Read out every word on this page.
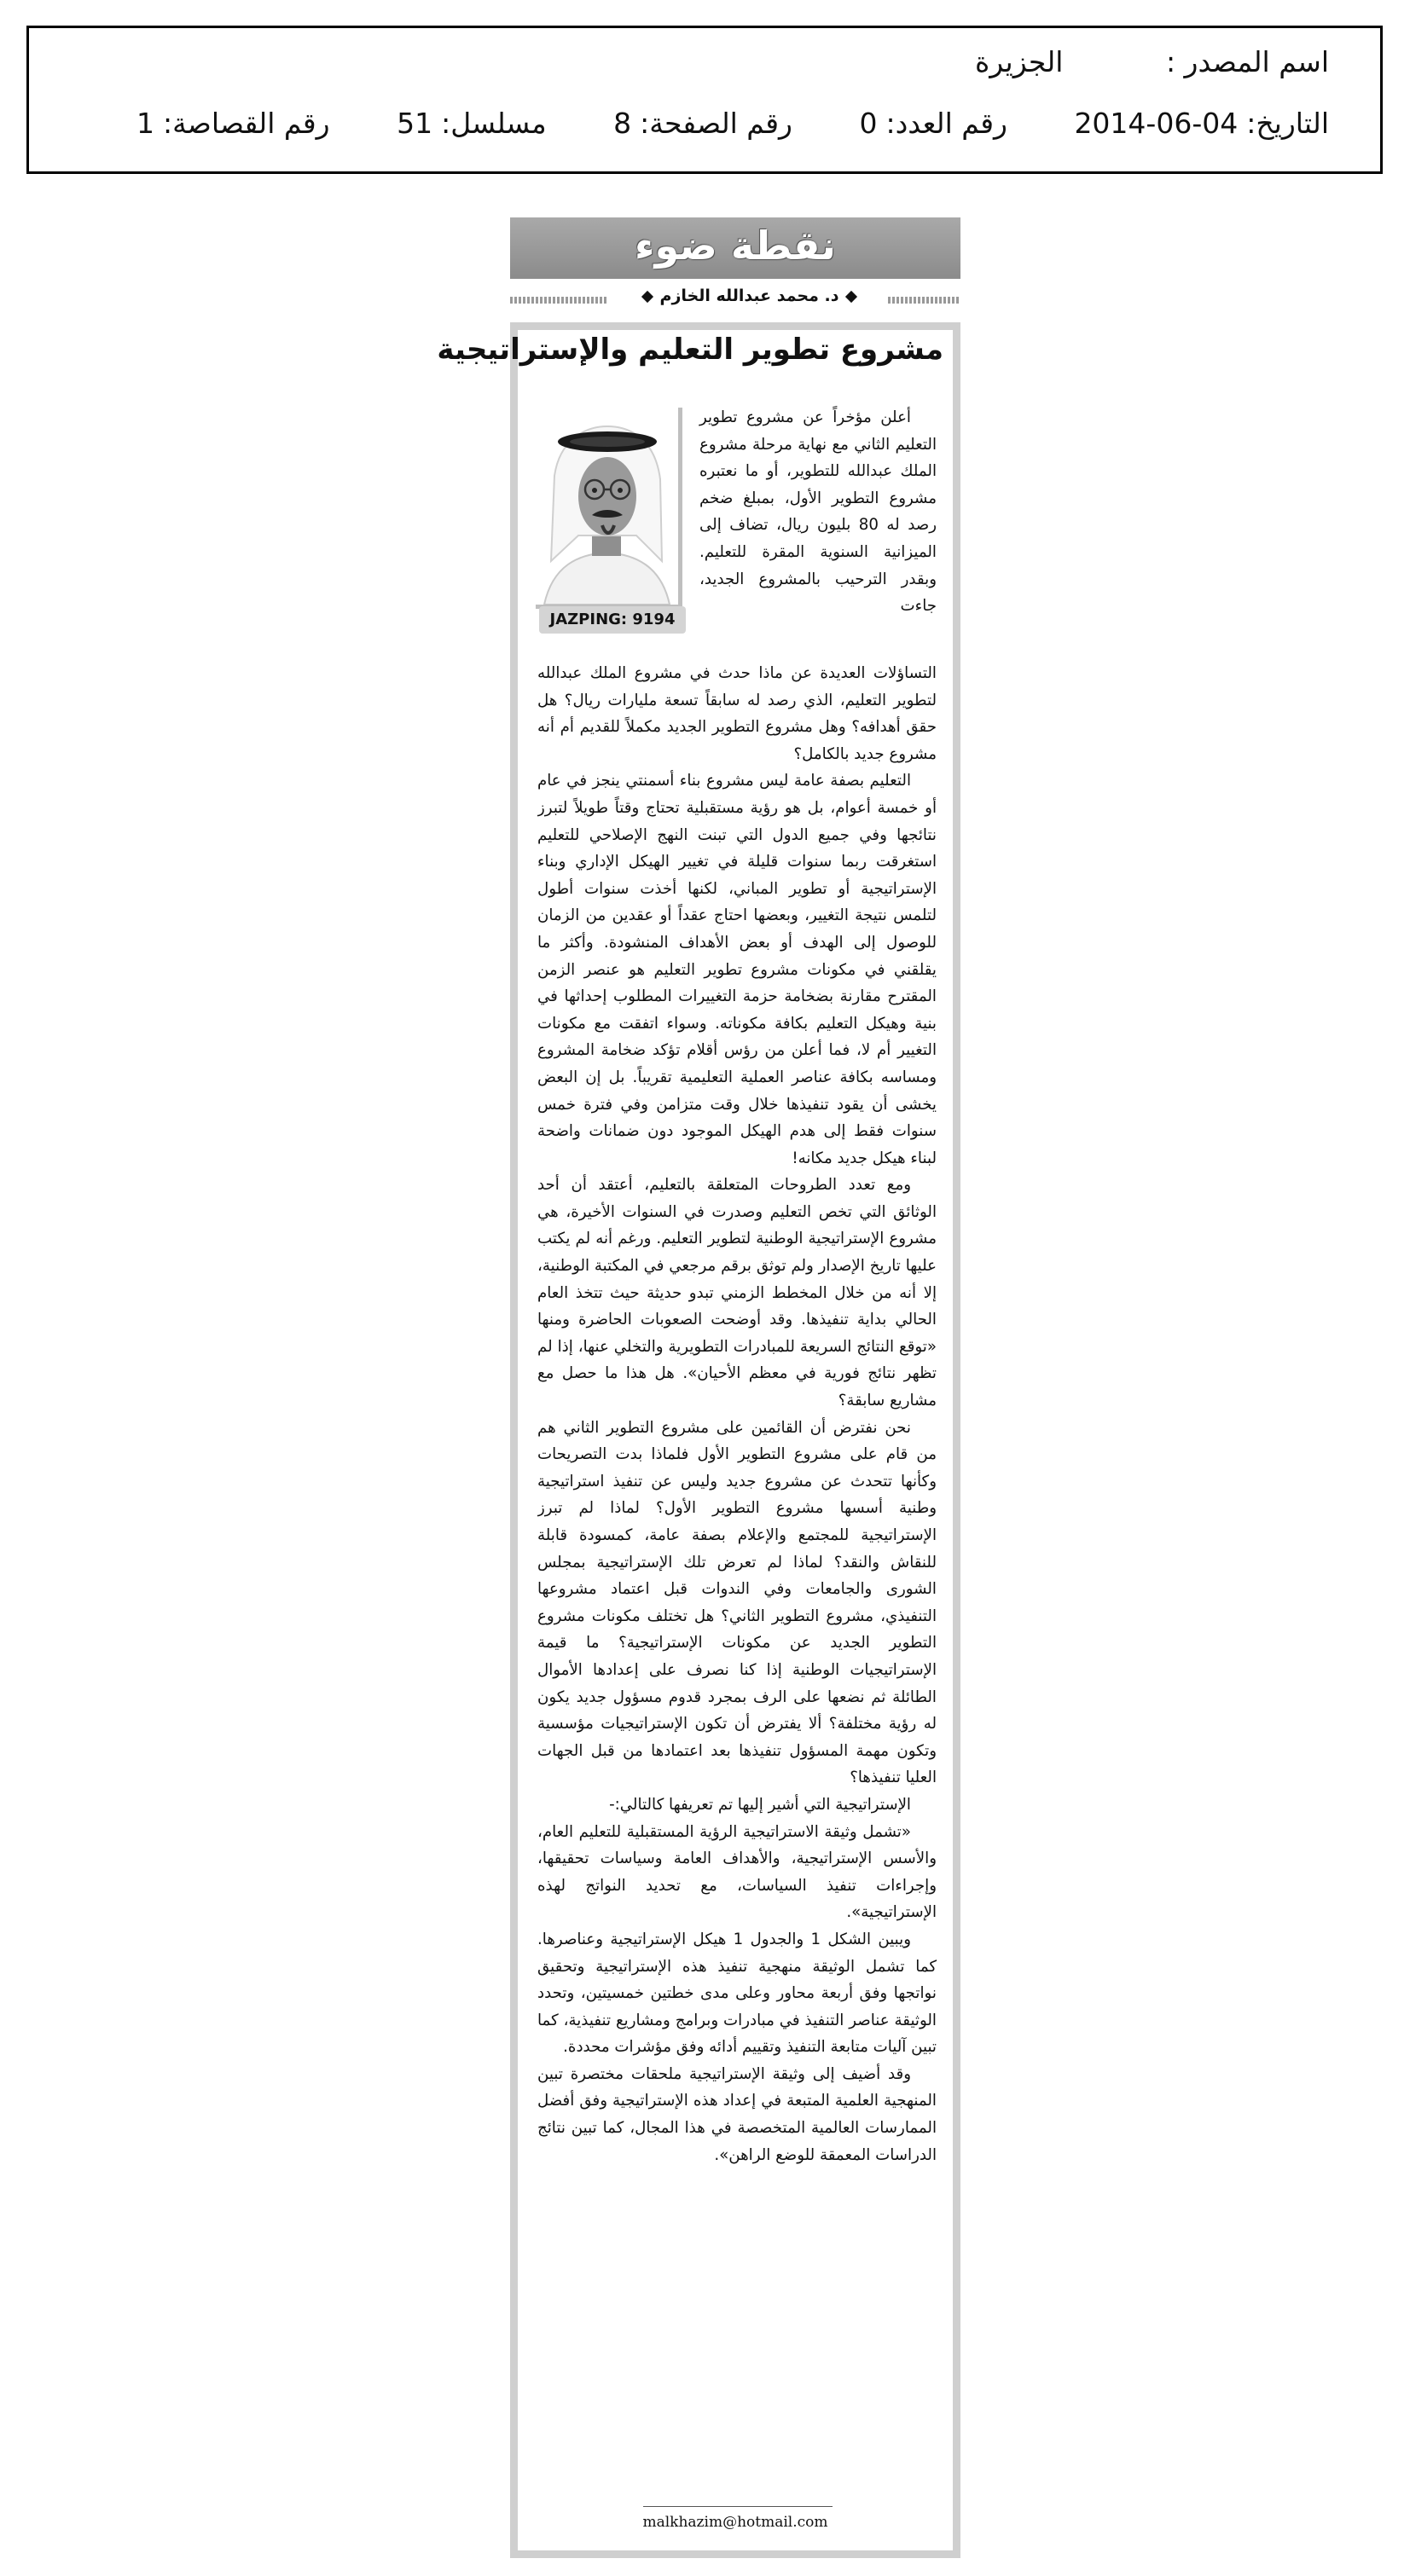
اسم المصدر : الجزيرة
التاريخ:2014-06-04 رقم العدد:0 رقم الصفحة:8 مسلسل:51 رقم القصاصة:1
نقطة ضوء
د. محمد عبدالله الخازم
مشروع تطوير التعليم والإستراتيجية
JAZPING: 9194

أعلن مؤخراً عن مشروع تطوير التعليم الثاني مع نهاية مرحلة مشروع الملك عبدالله للتطوير، أو ما نعتبره مشروع التطوير الأول، بمبلغ ضخم رصد له 80 بليون ريال، تضاف إلى الميزانية السنوية المقرة للتعليم. وبقدر الترحيب بالمشروع الجديد، جاءت

التساؤلات العديدة عن ماذا حدث في مشروع الملك عبدالله لتطوير التعليم، الذي رصد له سابقاً تسعة مليارات ريال؟ هل حقق أهدافه؟ وهل مشروع التطوير الجديد مكملاً للقديم أم أنه مشروع جديد بالكامل؟

التعليم بصفة عامة ليس مشروع بناء أسمنتي ينجز في عام أو خمسة أعوام، بل هو رؤية مستقبلية تحتاج وقتاً طويلاً لتبرز نتائجها وفي جميع الدول التي تبنت النهج الإصلاحي للتعليم استغرقت ربما سنوات قليلة في تغيير الهيكل الإداري وبناء الإستراتيجية أو تطوير المباني، لكنها أخذت سنوات أطول لتلمس نتيجة التغيير، وبعضها احتاج عقداً أو عقدين من الزمان للوصول إلى الهدف أو بعض الأهداف المنشودة. وأكثر ما يقلقني في مكونات مشروع تطوير التعليم هو عنصر الزمن المقترح مقارنة بضخامة حزمة التغييرات المطلوب إحداثها في بنية وهيكل التعليم بكافة مكوناته. وسواء اتفقت مع مكونات التغيير أم لا، فما أعلن من رؤس أقلام تؤكد ضخامة المشروع ومساسه بكافة عناصر العملية التعليمية تقريباً. بل إن البعض يخشى أن يقود تنفيذها خلال وقت متزامن وفي فترة خمس سنوات فقط إلى هدم الهيكل الموجود دون ضمانات واضحة لبناء هيكل جديد مكانه!

ومع تعدد الطروحات المتعلقة بالتعليم، أعتقد أن أحد الوثائق التي تخص التعليم وصدرت في السنوات الأخيرة، هي مشروع الإستراتيجية الوطنية لتطوير التعليم. ورغم أنه لم يكتب عليها تاريخ الإصدار ولم توثق برقم مرجعي في المكتبة الوطنية، إلا أنه من خلال المخطط الزمني تبدو حديثة حيث تتخذ العام الحالي بداية تنفيذها. وقد أوضحت الصعوبات الحاضرة ومنها «توقع النتائج السريعة للمبادرات التطويرية والتخلي عنها، إذا لم تظهر نتائج فورية في معظم الأحيان». هل هذا ما حصل مع مشاريع سابقة؟

نحن نفترض أن القائمين على مشروع التطوير الثاني هم من قام على مشروع التطوير الأول فلماذا بدت التصريحات وكأنها تتحدث عن مشروع جديد وليس عن تنفيذ استراتيجية وطنية أسسها مشروع التطوير الأول؟ لماذا لم تبرز الإستراتيجية للمجتمع والإعلام بصفة عامة، كمسودة قابلة للنقاش والنقد؟ لماذا لم تعرض تلك الإستراتيجية بمجلس الشورى والجامعات وفي الندوات قبل اعتماد مشروعها التنفيذي، مشروع التطوير الثاني؟ هل تختلف مكونات مشروع التطوير الجديد عن مكونات الإستراتيجية؟ ما قيمة الإستراتيجيات الوطنية إذا كنا نصرف على إعدادها الأموال الطائلة ثم نضعها على الرف بمجرد قدوم مسؤول جديد يكون له رؤية مختلفة؟ ألا يفترض أن تكون الإستراتيجيات مؤسسية وتكون مهمة المسؤول تنفيذها بعد اعتمادها من قبل الجهات العليا تنفيذها؟

الإستراتيجية التي أشير إليها تم تعريفها كالتالي:-

«تشمل وثيقة الاستراتيجية الرؤية المستقبلية للتعليم العام، والأسس الإستراتيجية، والأهداف العامة وسياسات تحقيقها، وإجراءات تنفيذ السياسات، مع تحديد النواتج لهذه الإستراتيجية».

ويبين الشكل 1 والجدول 1 هيكل الإستراتيجية وعناصرها. كما تشمل الوثيقة منهجية تنفيذ هذه الإستراتيجية وتحقيق نواتجها وفق أربعة محاور وعلى مدى خطتين خمسيتين، وتحدد الوثيقة عناصر التنفيذ في مبادرات وبرامج ومشاريع تنفيذية، كما تبين آليات متابعة التنفيذ وتقييم أدائه وفق مؤشرات محددة.

وقد أضيف إلى وثيقة الإستراتيجية ملحقات مختصرة تبين المنهجية العلمية المتبعة في إعداد هذه الإستراتيجية وفق أفضل الممارسات العالمية المتخصصة في هذا المجال، كما تبين نتائج الدراسات المعمقة للوضع الراهن».

malkhazim@hotmail.com
